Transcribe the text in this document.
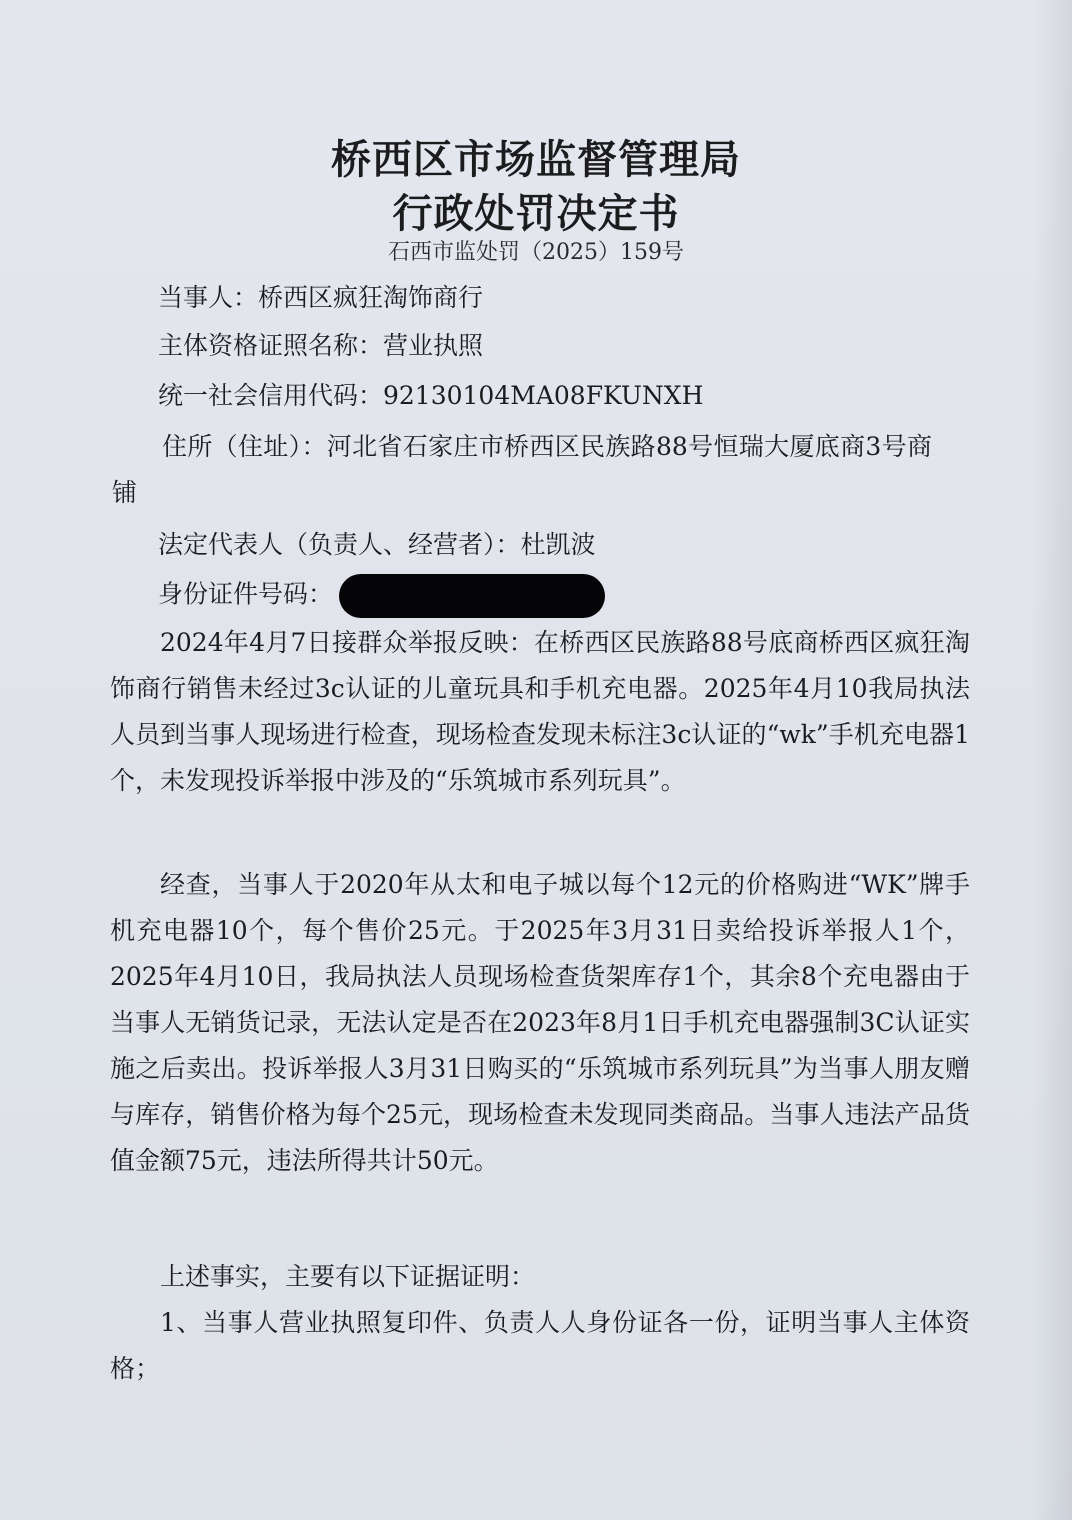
桥西区市场监督管理局
行政处罚决定书
石西市监处罚（2025）159号
当事人：桥西区疯狂淘饰商行
主体资格证照名称：营业执照
统一社会信用代码：92130104MA08FKUNXH
住所（住址）：河北省石家庄市桥西区民族路88号恒瑞大厦底商3号商铺
法定代表人（负责人、经营者）：杜凯波
身份证件号码：
2024年4月7日接群众举报反映：在桥西区民族路88号底商桥西区疯狂淘饰商行销售未经过3c认证的儿童玩具和手机充电器。2025年4月10我局执法人员到当事人现场进行检查，现场检查发现未标注3c认证的“wk”手机充电器1个，未发现投诉举报中涉及的“乐筑城市系列玩具”。
经查，当事人于2020年从太和电子城以每个12元的价格购进“WK”牌手机充电器10个，每个售价25元。于2025年3月31日卖给投诉举报人1个，2025年4月10日，我局执法人员现场检查货架库存1个，其余8个充电器由于当事人无销货记录，无法认定是否在2023年8月1日手机充电器强制3C认证实施之后卖出。投诉举报人3月31日购买的“乐筑城市系列玩具”为当事人朋友赠与库存，销售价格为每个25元，现场检查未发现同类商品。当事人违法产品货值金额75元，违法所得共计50元。
上述事实，主要有以下证据证明：
1、当事人营业执照复印件、负责人人身份证各一份，证明当事人主体资格；
